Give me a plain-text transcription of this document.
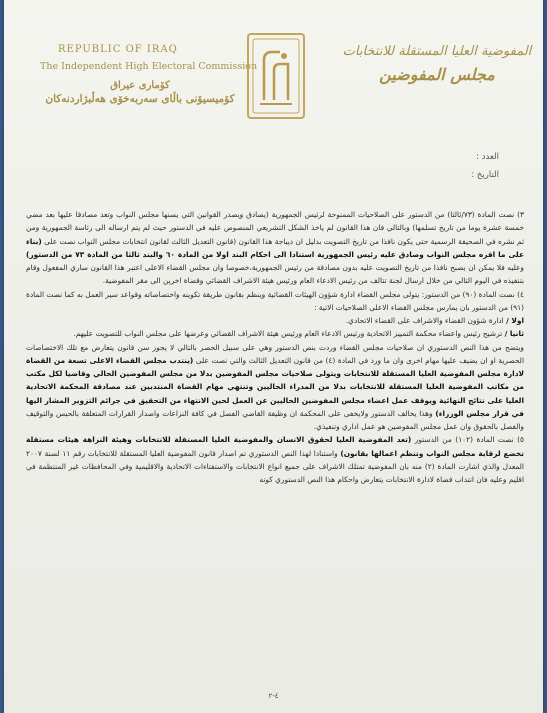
REPUBLIC OF IRAQ
The Independent High Electoral Commission
كۆماری عیراق
كۆمیسیۆنی باڵای سەربەخۆی هەڵبژاردنەكان
المفوضية العليا المستقلة للانتخابات
مجلس المفوضين
العدد :
التاريخ :

٣) نصت المادة (٧٣/ثالثا) من الدستور على الصلاحيات الممنوحة لرئيس الجمهورية (يصادق ويصدر القوانين التي يسنها مجلس النواب وتعد مصادقا عليها بعد مضي خمسة عشرة يوما من تاريخ تسلمها) وبالتالي فان هذا القانون لم ياخذ الشكل التشريعي المنصوص عليه في الدستور حيث لم يتم ارساله الى رئاسة الجمهورية ومن ثم نشره في الصحيفة الرسمية حتى يكون نافذا من تاريخ التصويت بدليل ان ديباجة هذا القانون (قانون التعديل الثالث لقانون انتخابات مجلس النواب نصت على (بناء على ما اقره مجلس النواب وصادق عليه رئيس الجمهورية استنادا الى احكام البند اولا من المادة ٦٠ والبند ثالثا من المادة ٧٣ من الدستور) وعليه فلا يمكن ان يصبح نافذا من تاريخ التصويت عليه بدون مصادقة من رئيس الجمهورية،خصوصا وان مجلس القضاء الاعلى اعتبر هذا القانون ساري المفعول وقام بتنفيذه في اليوم التالي من خلال ارسال لجنة تتالف من رئيس الادعاء العام ورئيس هيئة الاشراف القضائي وقضاة اخرين الى مقر المفوضية.

٤) نصت المادة (٩٠) من الدستور: يتولى مجلس القضاء ادارة شؤون الهيئات القضائية وينظم بقانون طريقة تكوينه واختصاصاته وقواعد سير العمل به كما نصت المادة (٩١) من الدستور بان يمارس مجلس القضاء الاعلى الصلاحيات الاتية :

اولا / ادارة شؤون القضاء والاشراف على القضاء الاتحادي.

ثانيا / ترشيح رئيس واعضاء محكمة التمييز الاتحادية ورئيس الادعاء العام ورئيس هيئة الاشراف القضائي وعرضها على مجلس النواب للتصويت عليهم.

ويتضح من هذا النص الدستوري ان صلاحيات مجلس القضاء وردت بنص الدستور وهي على سبيل الحصر بالتالي لا يجوز سن قانون يتعارض مع تلك الاختصاصات الحصرية او ان يضيف عليها مهام اخرى وان ما ورد في المادة (٤) من قانون التعديل الثالث والتي نصت على (ينتدب مجلس القضاء الاعلى تسعة من القضاة لادارة مجلس المفوضية العليا المستقلة للانتخابات ويتولى صلاحيات مجلس المفوضين بدلا من مجلس المفوضين الحالي وقاضيا لكل مكتب من مكاتب المفوضية العليا المستقلة للانتخابات بدلا من المدراء الحاليين وتنتهي مهام القضاة المنتدبين عند مصادقة المحكمة الاتحادية العليا على نتائج النهائية ويوقف عمل اعضاء مجلس المفوضين الحاليين عن العمل لحين الانتهاء من التحقيق في جرائم التزوير المشار اليها في قرار مجلس الوزراء) وهذا يخالف الدستور ولايخفى على المحكمة ان وظيفة القاضي الفصل في كافة النزاعات واصدار القرارات المتعلقة بالحبس والتوقيف والفصل بالحقوق وان عمل مجلس المفوضين هو عمل اداري وتنفيذي.

٥) نصت المادة (١٠٢) من الدستور (تعد المفوضية العليا لحقوق الانسان والمفوضية العليا المستقلة للانتخابات وهيئة النزاهة هيئات مستقلة تخضع لرقابة مجلس النواب وتنظم اعمالها بقانون) واستنادا لهذا النص الدستوري تم اصدار قانون المفوضية العليا المستقلة للانتخابات رقم ١١ لسنة ٢٠٠٧ المعدل والذي اشارت المادة (٢) منه بان المفوضية تمتلك الاشراف على جميع انواع الانتخابات والاستفتاءات الاتحادية والاقليمية وفي المحافظات غير المنتظمة في اقليم وعليه فان انتداب قضاة لادارة الانتخابات يتعارض واحكام هذا النص الدستوري كونه

٤-٢
